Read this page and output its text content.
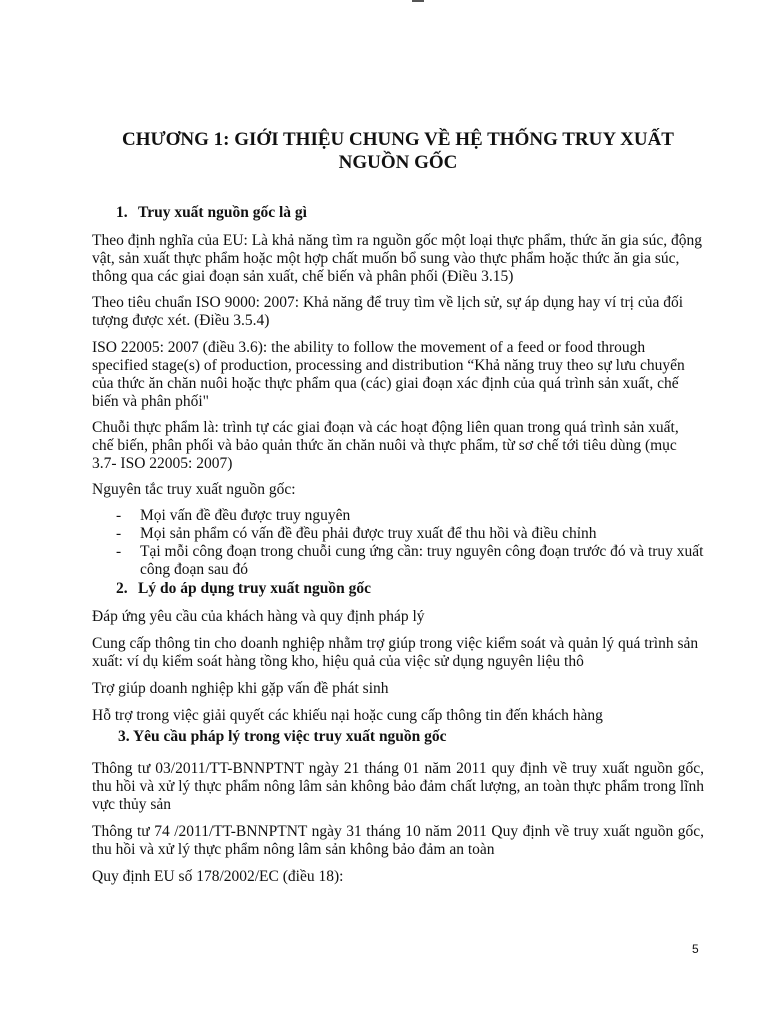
CHƯƠNG 1: GIỚI THIỆU CHUNG VỀ HỆ THỐNG TRUY XUẤT NGUỒN GỐC
1. Truy xuất nguồn gốc là gì

Theo định nghĩa của EU: Là khả năng tìm ra nguồn gốc một loại thực phẩm, thức ăn gia súc, động vật, sản xuất thực phẩm hoặc một hợp chất muốn bổ sung vào thực phẩm hoặc thức ăn gia súc, thông qua các giai đoạn sản xuất, chế biến và phân phối (Điều 3.15)

Theo tiêu chuẩn ISO 9000: 2007: Khả năng để truy tìm về lịch sử, sự áp dụng hay ví trị của đối tượng được xét. (Điều 3.5.4)

ISO 22005: 2007 (điều 3.6): the ability to follow the movement of a feed or food through specified stage(s) of production, processing and distribution “Khả năng truy theo sự lưu chuyển của thức ăn chăn nuôi hoặc thực phẩm qua (các) giai đoạn xác định của quá trình sản xuất, chế biến và phân phối"

Chuỗi thực phẩm là: trình tự các giai đoạn và các hoạt động liên quan trong quá trình sản xuất, chế biến, phân phối và bảo quản thức ăn chăn nuôi và thực phẩm, từ sơ chế tới tiêu dùng (mục 3.7- ISO 22005: 2007)

Nguyên tắc truy xuất nguồn gốc:

- Mọi vấn đề đều được truy nguyên
- Mọi sản phẩm có vấn đề đều phải được truy xuất để thu hồi và điều chỉnh
- Tại mỗi công đoạn trong chuỗi cung ứng cần: truy nguyên công đoạn trước đó và truy xuất công đoạn sau đó
2. Lý do áp dụng truy xuất nguồn gốc

Đáp ứng yêu cầu của khách hàng và quy định pháp lý

Cung cấp thông tin cho doanh nghiệp nhằm trợ giúp trong việc kiểm soát và quản lý quá trình sản xuất: ví dụ kiểm soát hàng tồng kho, hiệu quả của việc sử dụng nguyên liệu thô

Trợ giúp doanh nghiệp khi gặp vấn đề phát sinh

Hỗ trợ trong việc giải quyết các khiếu nại hoặc cung cấp thông tin đến khách hàng

3. Yêu cầu pháp lý trong việc truy xuất nguồn gốc

Thông tư 03/2011/TT-BNNPTNT ngày 21 tháng 01 năm 2011 quy định về truy xuất nguồn gốc, thu hồi và xử lý thực phẩm nông lâm sản không bảo đảm chất lượng, an toàn thực phẩm trong lĩnh vực thủy sản

Thông tư 74 /2011/TT-BNNPTNT ngày 31 tháng 10 năm 2011 Quy định về truy xuất nguồn gốc, thu hồi và xử lý thực phẩm nông lâm sản không bảo đảm an toàn

Quy định EU số 178/2002/EC (điều 18):

5
